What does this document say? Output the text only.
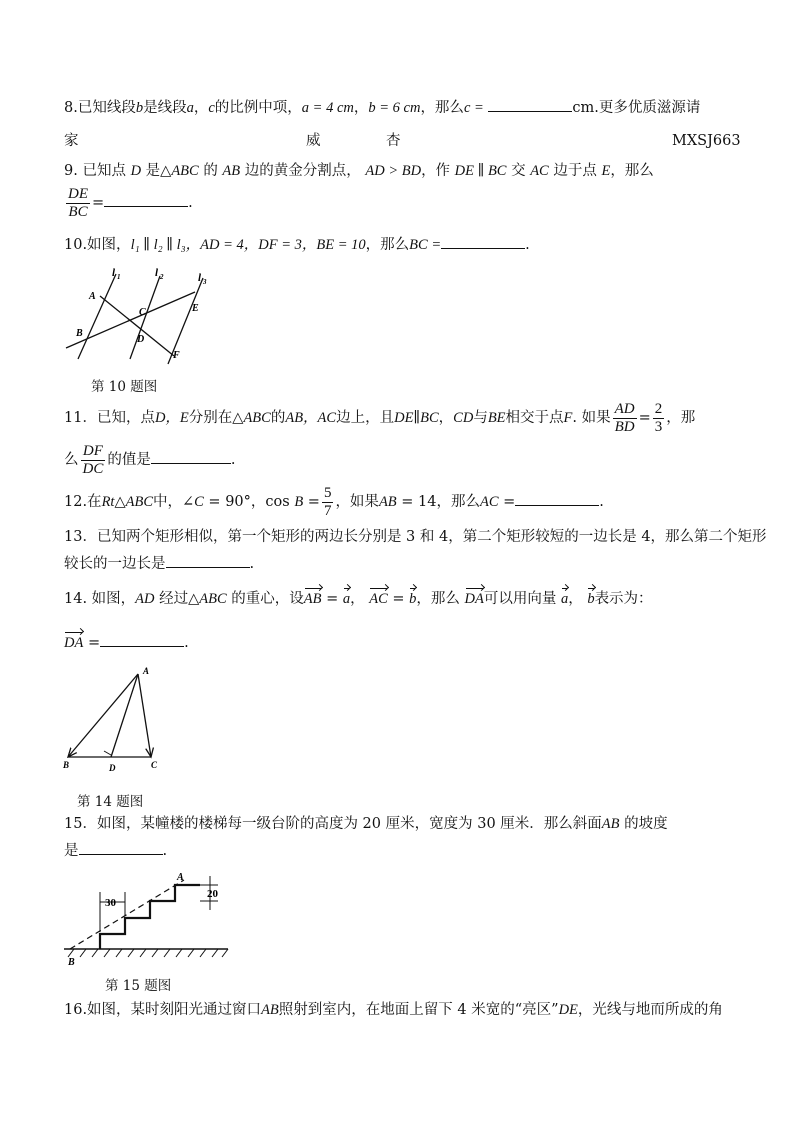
8.已知线段b是线段a，c的比例中项，a = 4 cm，b = 6 cm，那么c =	cm.更多优质滋源请
家	威	杏	MXSJ663
9. 已知点 D 是△ABC 的 AB 边的黄金分割点， AD > BD，作 DE ∥ BC 交 AC 边于点 E，那么
$\frac{DE}{BC}$ =	.
10.如图，l₁ ∥ l₂ ∥ l₃，AD = 4，DF = 3，BE = 10，那么BC =	.
l 1	l 2	l 3
A
B
C
D
E
F
第 10 题图
11．已知，点D，E分别在△ABC的AB，AC边上，且DE∥BC，CD与BE相交于点F. 如果 $\frac{AD}{BD} = \frac{2}{3}$ ，那
么 $\frac{DF}{DC}$ 的值是	.
12.在Rt△ABC中，∠C = 90°，$\cos B = \frac{5}{7}$ ，如果AB = 14，那么AC =	.
13．已知两个矩形相似，第一个矩形的两边长分别是 3 和 4，第二个矩形较短的一边长是 4，那么第二个矩形
较长的一边长是	.
14. 如图，AD 经过△ABC 的重心，设AB = a， AC = b，那么 DA可以用向量 a， b表示为：
DA =	.
A
B	D	C
第 14 题图
15．如图，某幢楼的楼梯每一级台阶的高度为 20 厘米，宽度为 30 厘米．那么斜面AB 的坡度
是	.
30
20
A
B
第 15 题图
16.如图，某时刻阳光通过窗口AB照射到室内，在地面上留下 4 米宽的“亮区”DE，光线与地而所成的角
